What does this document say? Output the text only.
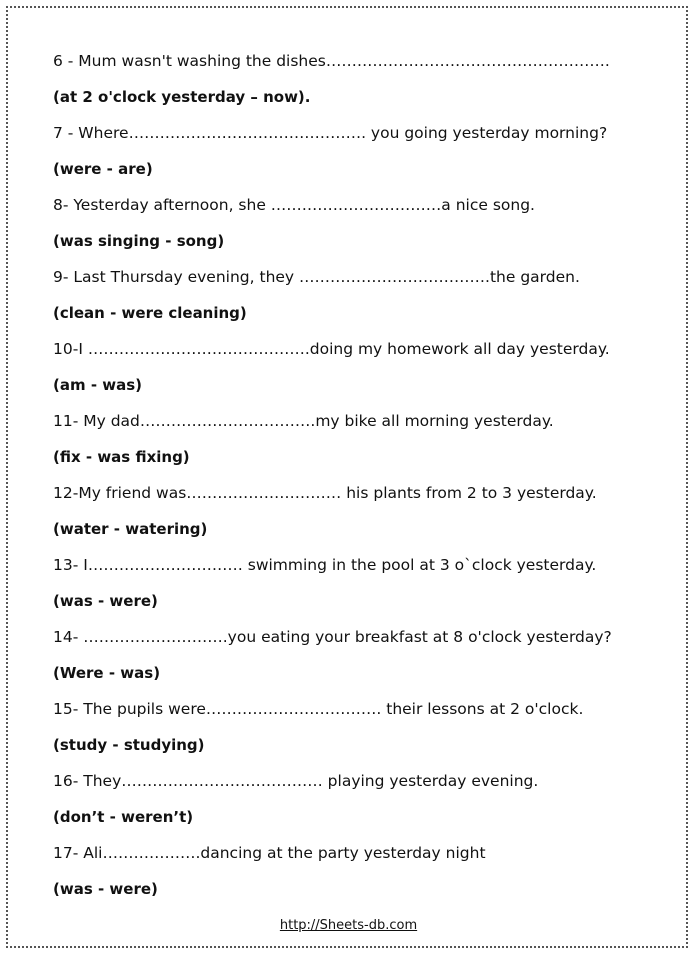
6 - Mum wasn't washing the dishes……………………………………………….
(at 2 o'clock yesterday – now).
7 - Where………………………………………. you going yesterday morning?
(were - are)
8- Yesterday afternoon, she ……………………………a nice song.
(was singing - song)
9- Last Thursday evening, they ……………………………….the garden.
(clean - were cleaning)
10-I …………………………………….doing my homework all day yesterday.
(am - was)
11- My dad…………………………….my bike all morning yesterday.
(fix - was fixing)
12-My friend was………………………… his plants from 2 to 3 yesterday.
(water - watering)
13- I………………………… swimming in the pool at 3 o`clock yesterday.
(was - were)
14- ……………………….you eating your breakfast at 8 o'clock yesterday?
(Were - was)
15- The pupils were……………………………. their lessons at 2 o'clock.
(study - studying)
16- They………………………………… playing yesterday evening.
(don’t - weren’t)
17- Ali……………….dancing at the party yesterday night
(was - were)
http://Sheets-db.com
